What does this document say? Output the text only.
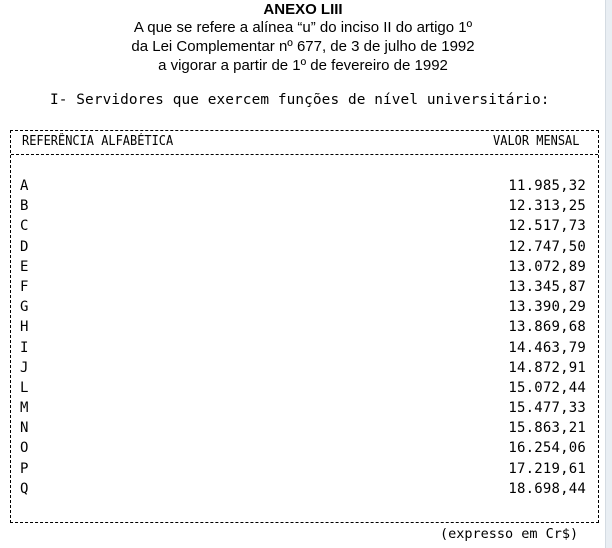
ANEXO LIII
A que se refere a alínea “u” do inciso II do artigo 1º
da Lei Complementar nº 677, de 3 de julho de 1992
a vigorar a partir de 1º de fevereiro de 1992
I- Servidores que exercem funções de nível universitário:
REFERÊNCIA ALFABÉTICA	VALOR MENSAL
A	11.985,32
B	12.313,25
C	12.517,73
D	12.747,50
E	13.072,89
F	13.345,87
G	13.390,29
H	13.869,68
I	14.463,79
J	14.872,91
L	15.072,44
M	15.477,33
N	15.863,21
O	16.254,06
P	17.219,61
Q	18.698,44
(expresso em Cr$)
